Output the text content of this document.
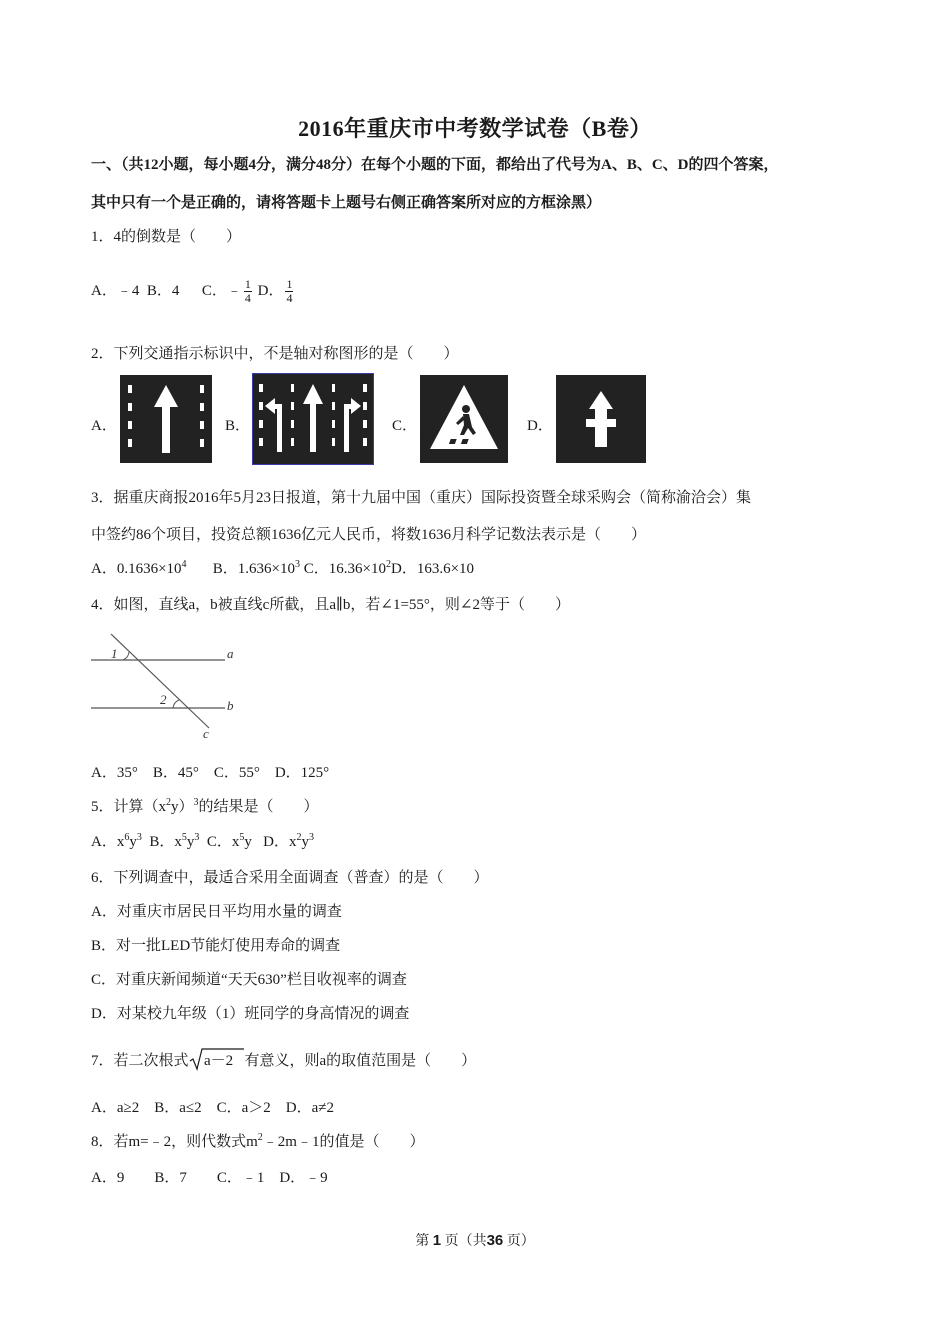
2016年重庆市中考数学试卷（B卷）
一、（共12小题，每小题4分，满分48分）在每个小题的下面，都给出了代号为A、B、C、D的四个答案，
其中只有一个是正确的，请将答题卡上题号右侧正确答案所对应的方框涂黑）
1．4的倒数是（　　）
A．﹣4 B．4 C．﹣ $\frac{1}{4}$ D． $\frac{1}{4}$
2．下列交通指示标识中，不是轴对称图形的是（　　）
A．	B．	C．	D．
3．据重庆商报2016年5月23日报道，第十九届中国（重庆）国际投资暨全球采购会（简称渝洽会）集
中签约86个项目，投资总额1636亿元人民币，将数1636月科学记数法表示是（　　）
A．$0.1636\times 10^4$ B．$1.636\times 10^3$ C．$16.36\times 10^2D$．163.6×10
4．如图，直线a，b被直线c所截，且a∥b，若∠1=55°，则∠2等于（　　）
1
2
a
b
c
A．35°　B．45°　C．55°　D．125°
5．计算$(x^2y)^3$的结果是（　　）
A．$x^6y^3$ B．$x^5y^3$ C．$x^5y$ D．$x^2y^3$
6．下列调查中，最适合采用全面调查（普查）的是（　　）
A．对重庆市居民日平均用水量的调查
B．对一批LED节能灯使用寿命的调查
C．对重庆新闻频道“天天630”栏目收视率的调查
D．对某校九年级（1）班同学的身高情况的调查
7．若二次根式 a－2 有意义，则a的取值范围是（　　）
A．a≥2　B．a≤2　C．a＞2　D．a≠2
8．若m=﹣2，则代数式$m^2﹣2m﹣1$的值是（　　）
A．9　　B．7　　C．﹣1　D．﹣9
第 1 页（共36 页）
